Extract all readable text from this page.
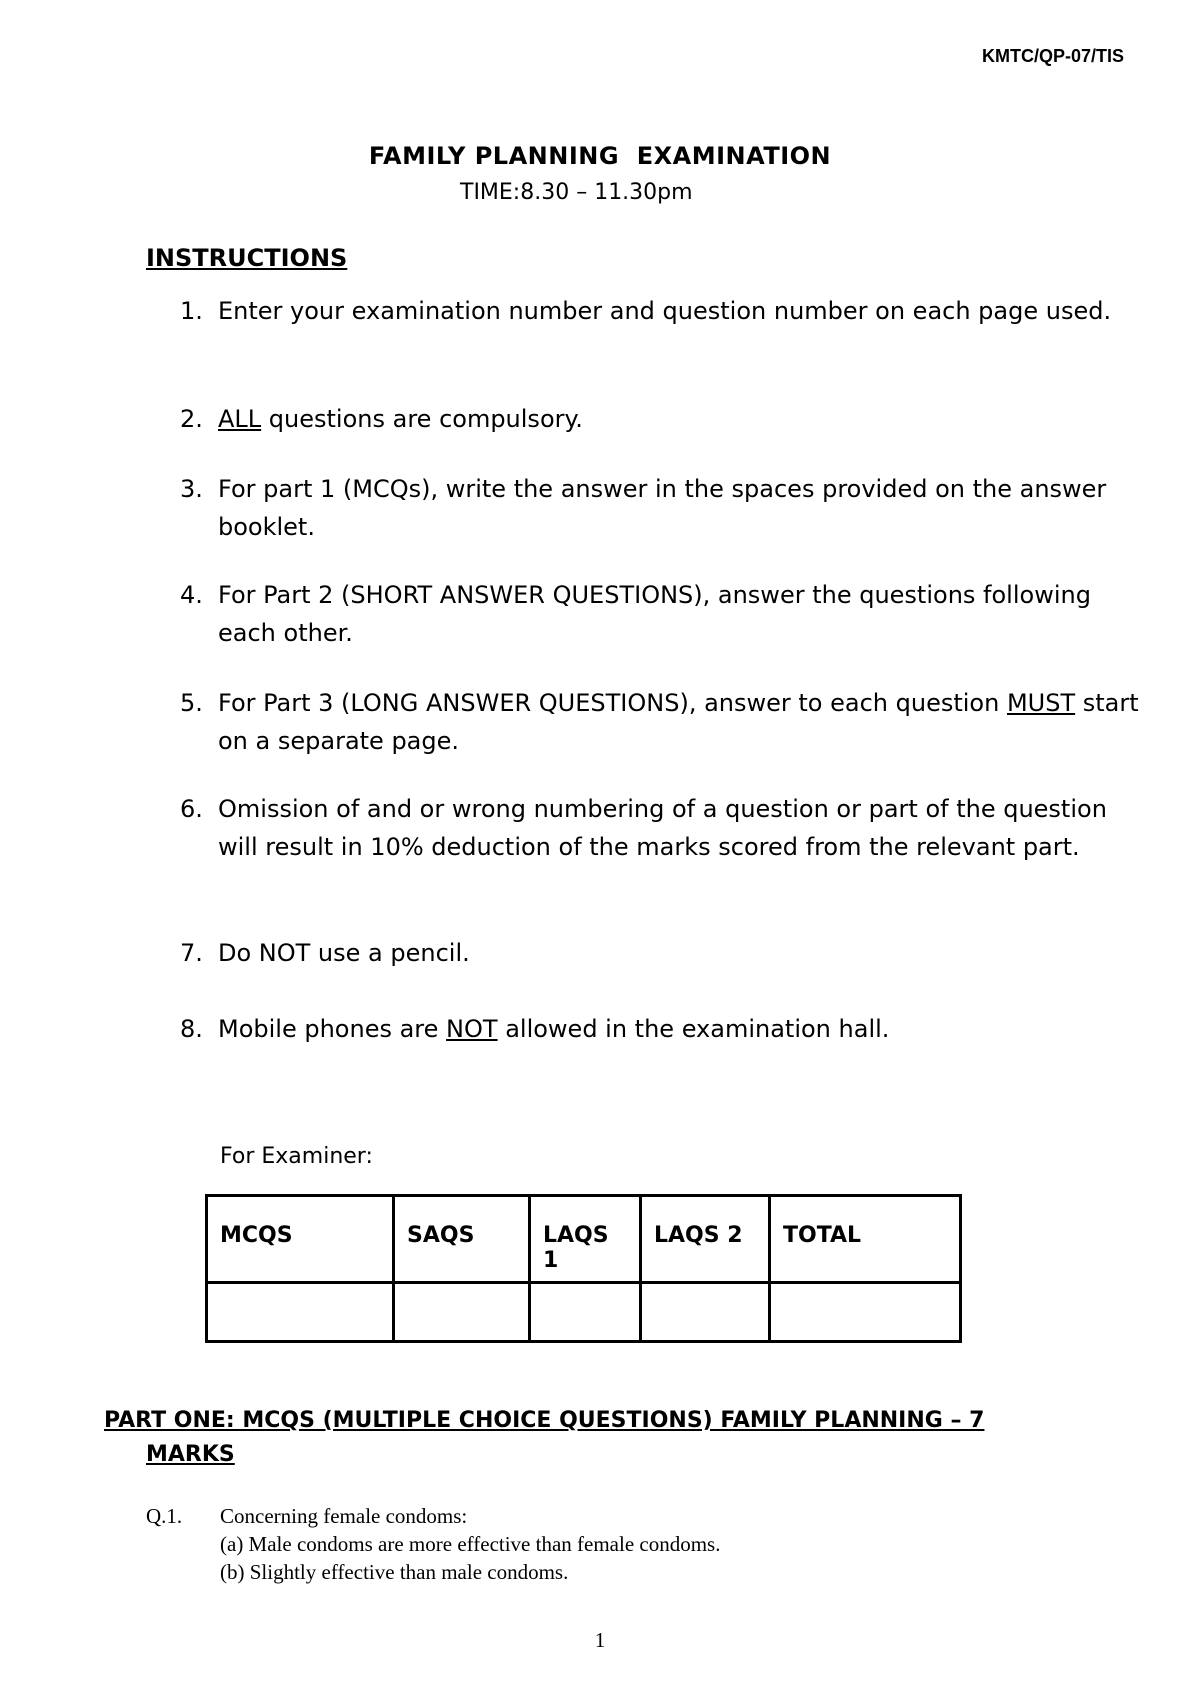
KMTC/QP-07/TIS
FAMILY PLANNING  EXAMINATION
TIME:8.30 – 11.30pm
INSTRUCTIONS
1. Enter your examination number and question number on each page used.
2. ALL questions are compulsory.
3. For part 1 (MCQs), write the answer in the spaces provided on the answer booklet.
4. For Part 2 (SHORT ANSWER QUESTIONS), answer the questions following each other.
5. For Part 3 (LONG ANSWER QUESTIONS), answer to each question MUST start on a separate page.
6. Omission of and or wrong numbering of a question or part of the question will result in 10% deduction of the marks scored from the relevant part.
7. Do NOT use a pencil.
8. Mobile phones are NOT allowed in the examination hall.
For Examiner:
MCQS	SAQS	LAQS 1	LAQS 2	TOTAL

PART ONE: MCQS (MULTIPLE CHOICE QUESTIONS) FAMILY PLANNING – 7
MARKS
Q.1. Concerning female condoms:
(a) Male condoms are more effective than female condoms.
(b) Slightly effective than male condoms.
1
